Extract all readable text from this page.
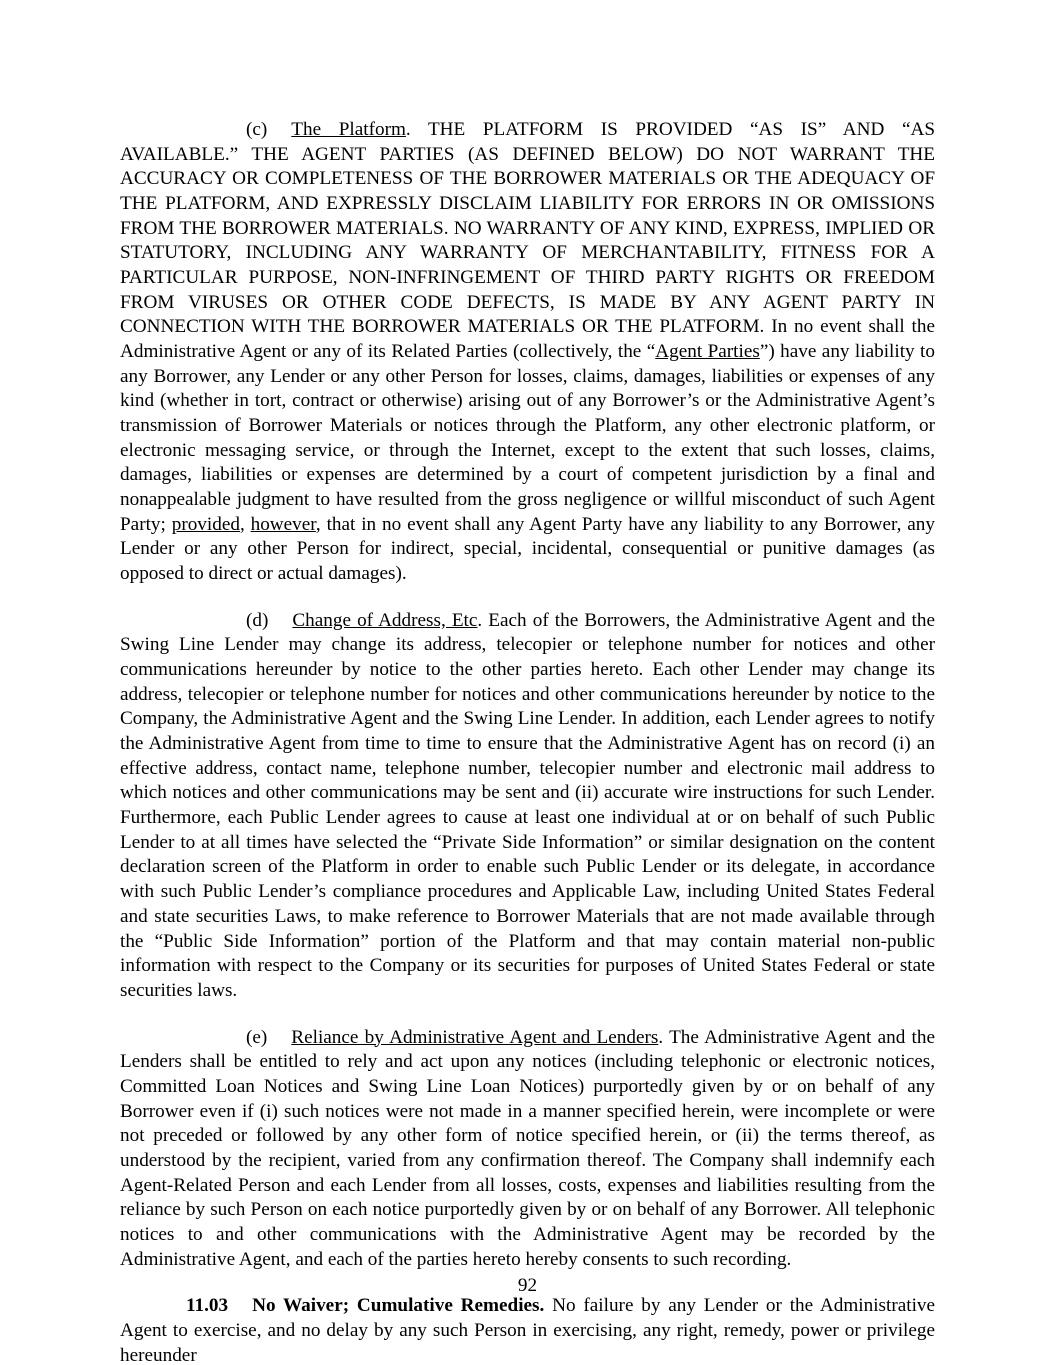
(c) The Platform. THE PLATFORM IS PROVIDED “AS IS” AND “AS AVAILABLE.” THE AGENT PARTIES (AS DEFINED BELOW) DO NOT WARRANT THE ACCURACY OR COMPLETENESS OF THE BORROWER MATERIALS OR THE ADEQUACY OF THE PLATFORM, AND EXPRESSLY DISCLAIM LIABILITY FOR ERRORS IN OR OMISSIONS FROM THE BORROWER MATERIALS. NO WARRANTY OF ANY KIND, EXPRESS, IMPLIED OR STATUTORY, INCLUDING ANY WARRANTY OF MERCHANTABILITY, FITNESS FOR A PARTICULAR PURPOSE, NON-INFRINGEMENT OF THIRD PARTY RIGHTS OR FREEDOM FROM VIRUSES OR OTHER CODE DEFECTS, IS MADE BY ANY AGENT PARTY IN CONNECTION WITH THE BORROWER MATERIALS OR THE PLATFORM. In no event shall the Administrative Agent or any of its Related Parties (collectively, the “Agent Parties”) have any liability to any Borrower, any Lender or any other Person for losses, claims, damages, liabilities or expenses of any kind (whether in tort, contract or otherwise) arising out of any Borrower’s or the Administrative Agent’s transmission of Borrower Materials or notices through the Platform, any other electronic platform, or electronic messaging service, or through the Internet, except to the extent that such losses, claims, damages, liabilities or expenses are determined by a court of competent jurisdiction by a final and nonappealable judgment to have resulted from the gross negligence or willful misconduct of such Agent Party; provided, however, that in no event shall any Agent Party have any liability to any Borrower, any Lender or any other Person for indirect, special, incidental, consequential or punitive damages (as opposed to direct or actual damages).

(d) Change of Address, Etc. Each of the Borrowers, the Administrative Agent and the Swing Line Lender may change its address, telecopier or telephone number for notices and other communications hereunder by notice to the other parties hereto. Each other Lender may change its address, telecopier or telephone number for notices and other communications hereunder by notice to the Company, the Administrative Agent and the Swing Line Lender. In addition, each Lender agrees to notify the Administrative Agent from time to time to ensure that the Administrative Agent has on record (i) an effective address, contact name, telephone number, telecopier number and electronic mail address to which notices and other communications may be sent and (ii) accurate wire instructions for such Lender. Furthermore, each Public Lender agrees to cause at least one individual at or on behalf of such Public Lender to at all times have selected the “Private Side Information” or similar designation on the content declaration screen of the Platform in order to enable such Public Lender or its delegate, in accordance with such Public Lender’s compliance procedures and Applicable Law, including United States Federal and state securities Laws, to make reference to Borrower Materials that are not made available through the “Public Side Information” portion of the Platform and that may contain material non-public information with respect to the Company or its securities for purposes of United States Federal or state securities laws.

(e) Reliance by Administrative Agent and Lenders. The Administrative Agent and the Lenders shall be entitled to rely and act upon any notices (including telephonic or electronic notices, Committed Loan Notices and Swing Line Loan Notices) purportedly given by or on behalf of any Borrower even if (i) such notices were not made in a manner specified herein, were incomplete or were not preceded or followed by any other form of notice specified herein, or (ii) the terms thereof, as understood by the recipient, varied from any confirmation thereof. The Company shall indemnify each Agent-Related Person and each Lender from all losses, costs, expenses and liabilities resulting from the reliance by such Person on each notice purportedly given by or on behalf of any Borrower. All telephonic notices to and other communications with the Administrative Agent may be recorded by the Administrative Agent, and each of the parties hereto hereby consents to such recording.

11.03 No Waiver; Cumulative Remedies. No failure by any Lender or the Administrative Agent to exercise, and no delay by any such Person in exercising, any right, remedy, power or privilege hereunder

92
